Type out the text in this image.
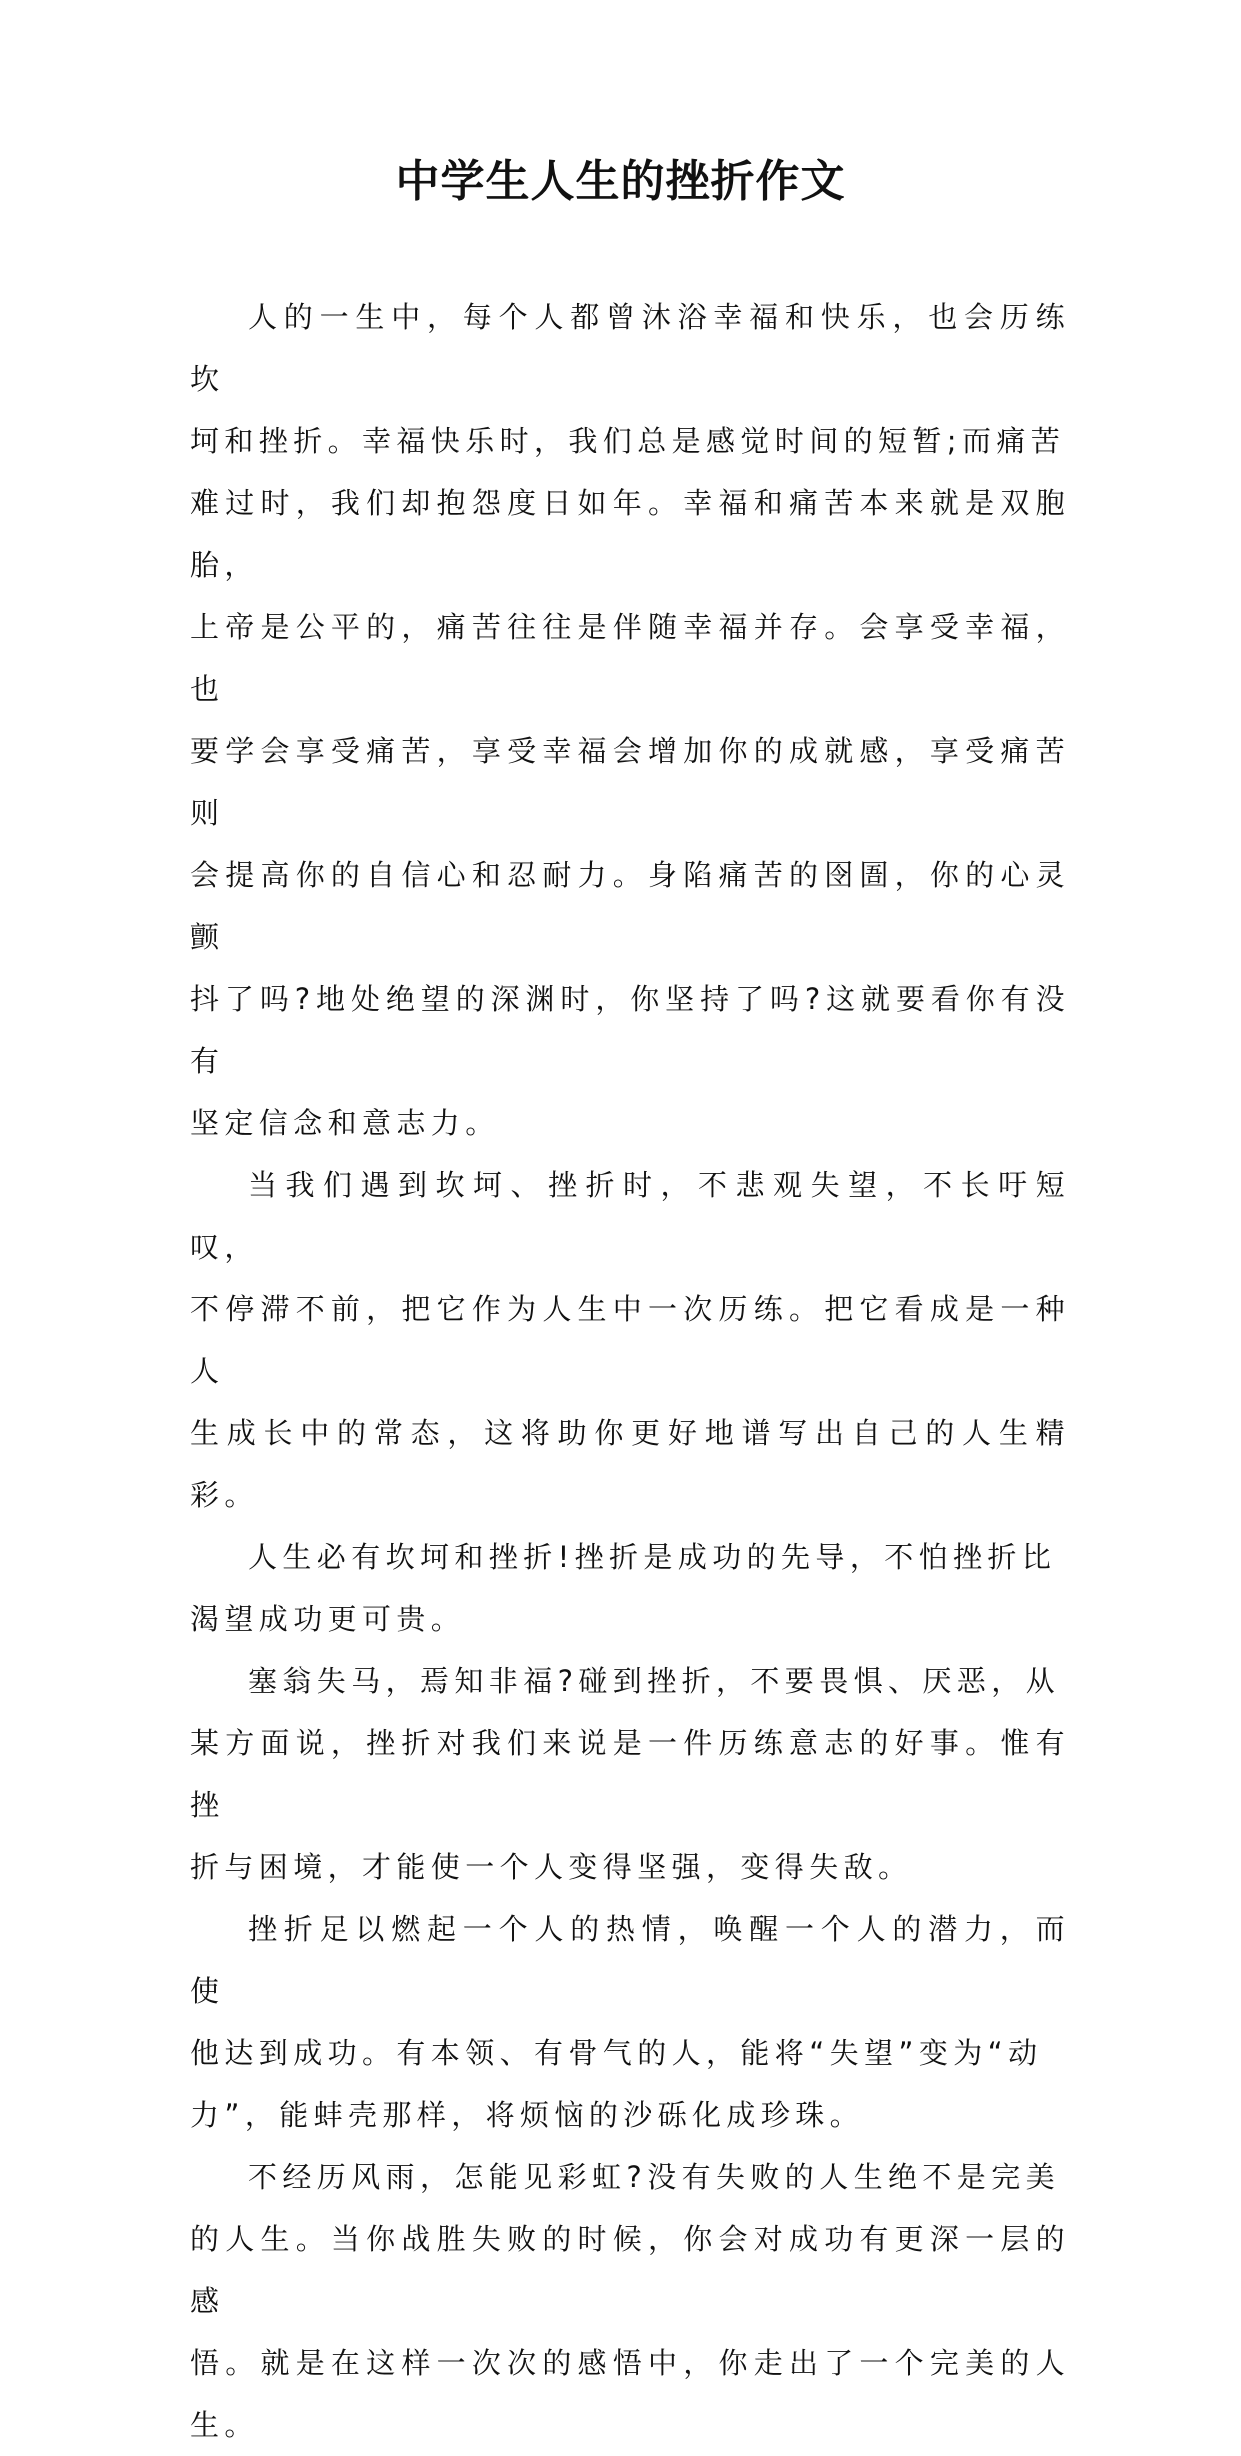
中学生人生的挫折作文

人的一生中，每个人都曾沐浴幸福和快乐，也会历练坎
坷和挫折。幸福快乐时，我们总是感觉时间的短暂;而痛苦
难过时，我们却抱怨度日如年。幸福和痛苦本来就是双胞胎，
上帝是公平的，痛苦往往是伴随幸福并存。会享受幸福，也
要学会享受痛苦，享受幸福会增加你的成就感，享受痛苦则
会提高你的自信心和忍耐力。身陷痛苦的囹圄，你的心灵颤
抖了吗?地处绝望的深渊时，你坚持了吗?这就要看你有没有
坚定信念和意志力。

当我们遇到坎坷、挫折时，不悲观失望，不长吁短叹，
不停滞不前，把它作为人生中一次历练。把它看成是一种人
生成长中的常态，这将助你更好地谱写出自己的人生精彩。

人生必有坎坷和挫折!挫折是成功的先导，不怕挫折比
渴望成功更可贵。

塞翁失马，焉知非福?碰到挫折，不要畏惧、厌恶，从
某方面说，挫折对我们来说是一件历练意志的好事。惟有挫
折与困境，才能使一个人变得坚强，变得失敌。

挫折足以燃起一个人的热情，唤醒一个人的潜力，而使
他达到成功。有本领、有骨气的人，能将“失望”变为“动
力”，能蚌壳那样，将烦恼的沙砾化成珍珠。

不经历风雨，怎能见彩虹?没有失败的人生绝不是完美
的人生。当你战胜失败的时候，你会对成功有更深一层的感
悟。就是在这样一次次的感悟中，你走出了一个完美的人生。
